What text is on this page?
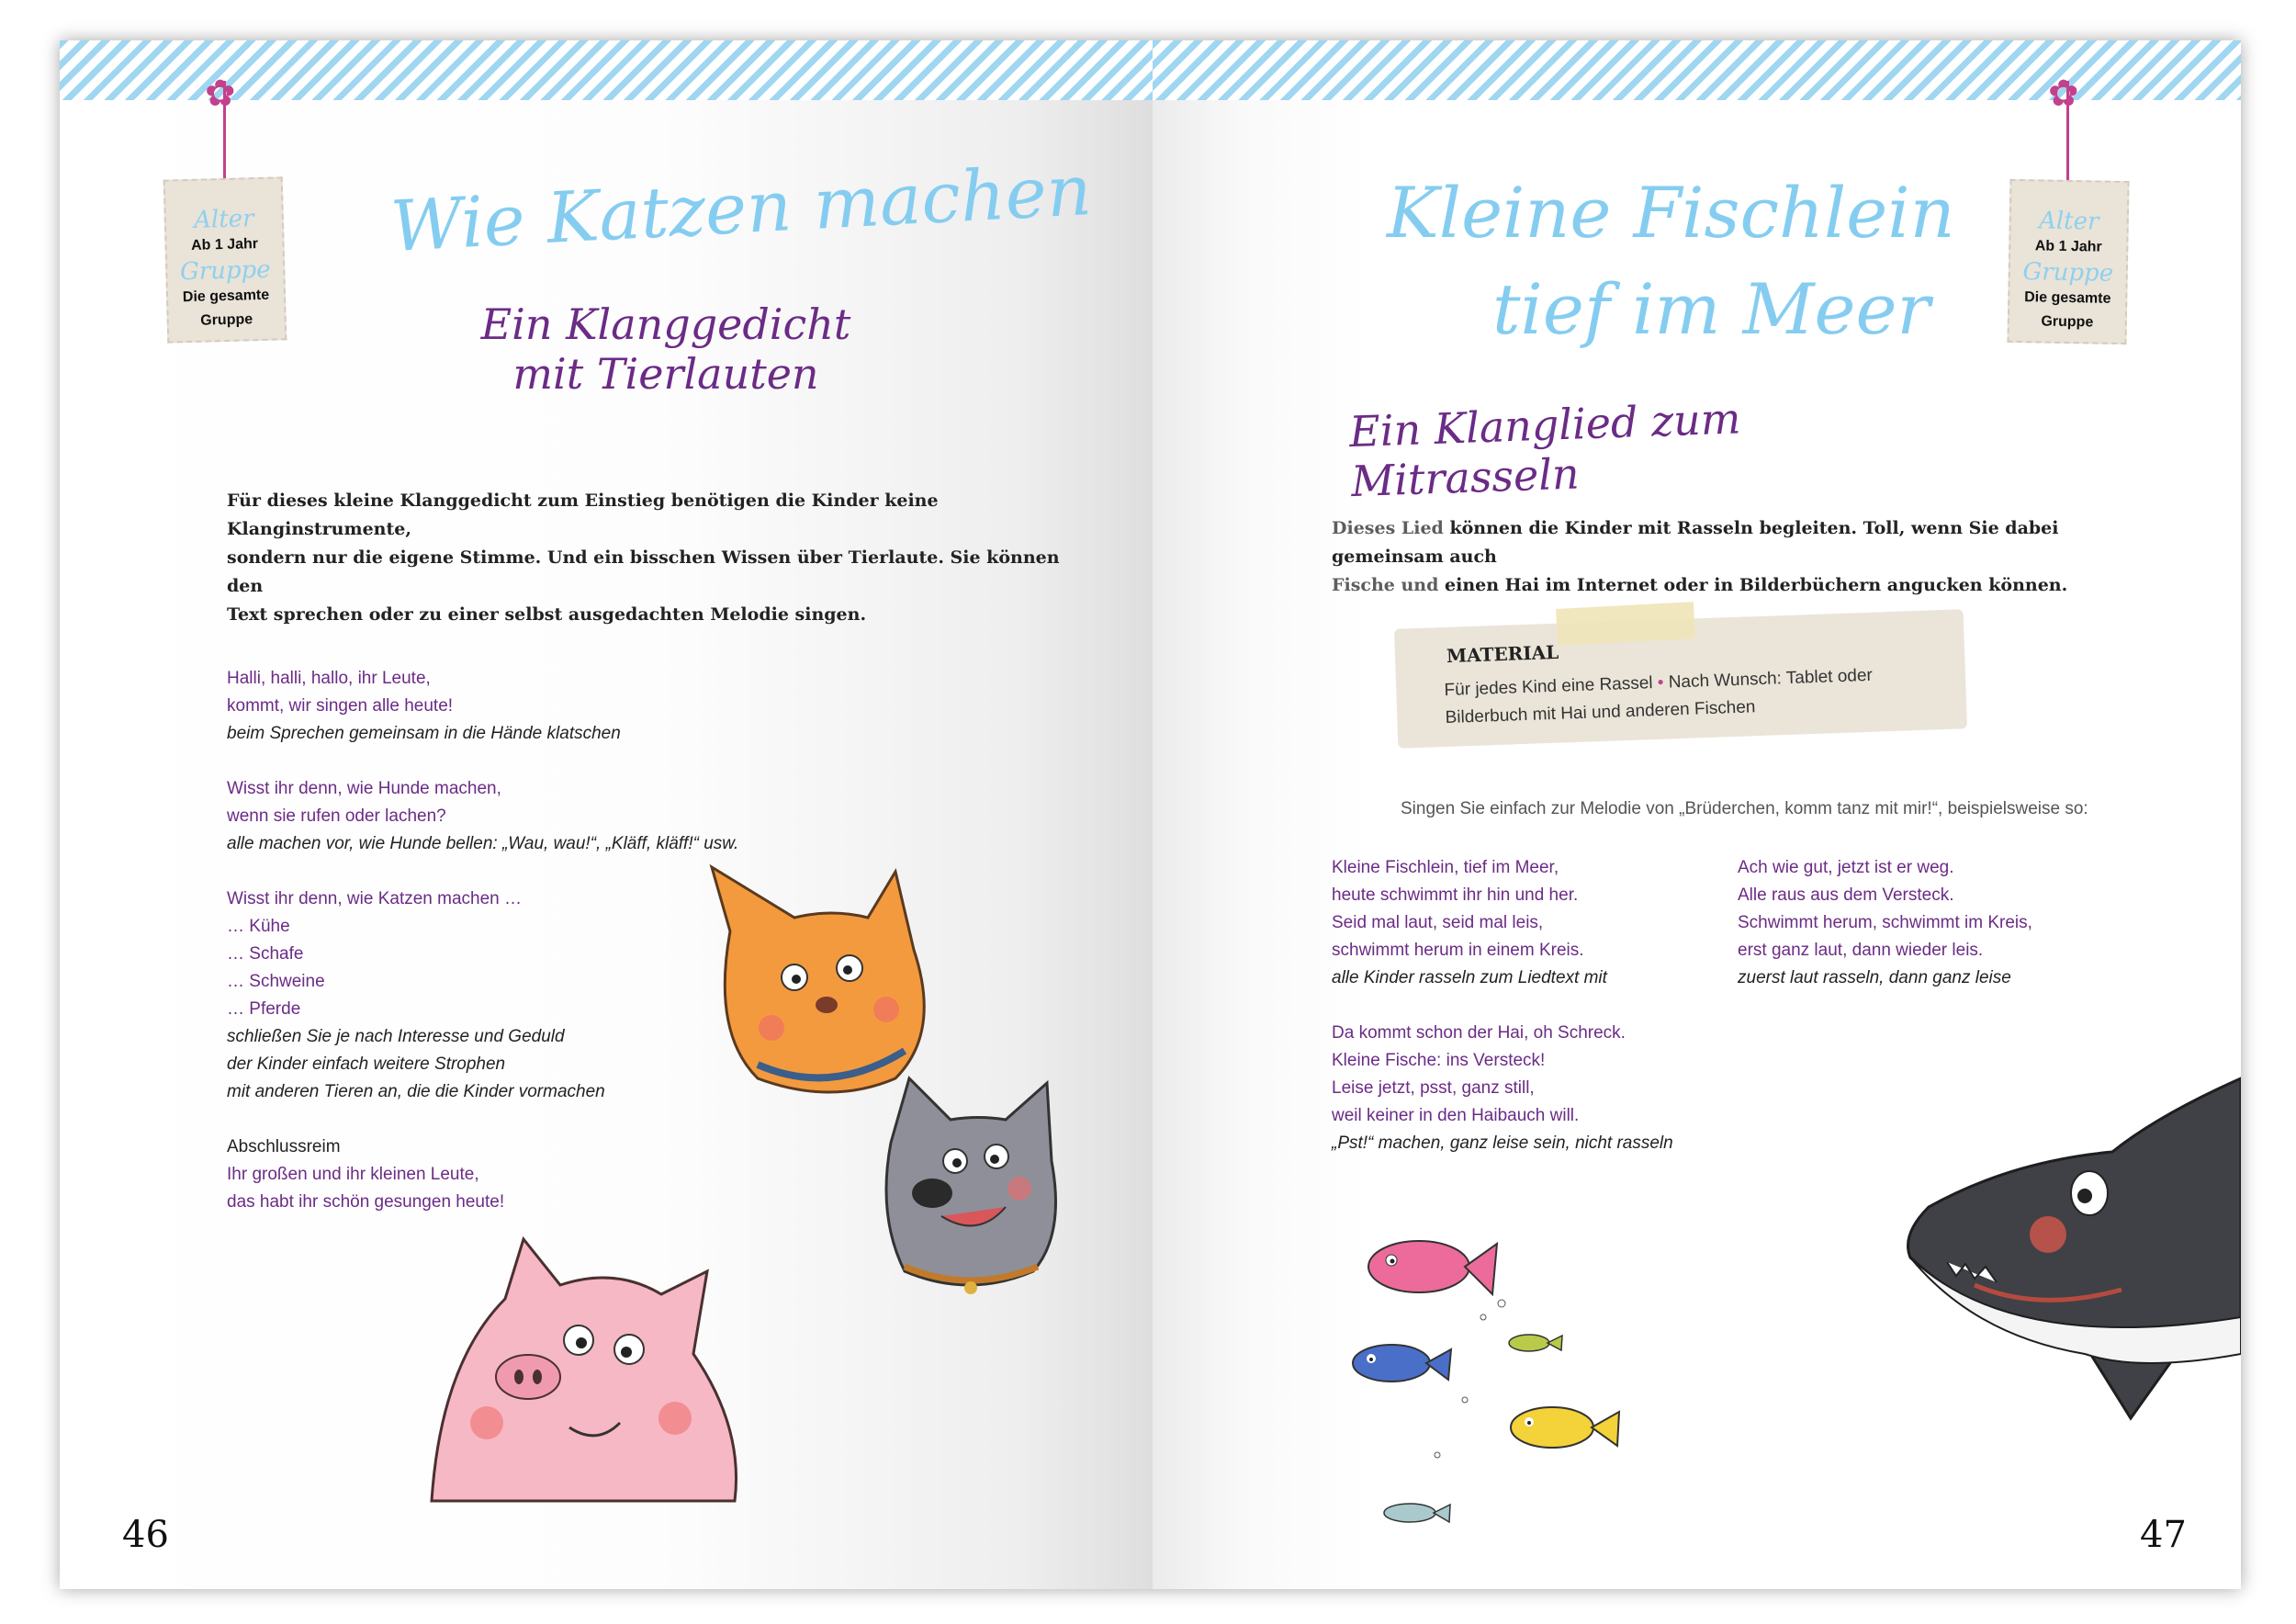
✿
Alter
Ab 1 Jahr
Gruppe
Die gesamte Gruppe
Wie Katzen machen
Ein Klanggedicht mit Tierlauten
Für dieses kleine Klanggedicht zum Einstieg benötigen die Kinder keine Klanginstrumente,
sondern nur die eigene Stimme. Und ein bisschen Wissen über Tierlaute. Sie können den
Text sprechen oder zu einer selbst ausgedachten Melodie singen.
Halli, halli, hallo, ihr Leute,
kommt, wir singen alle heute!
beim Sprechen gemeinsam in die Hände klatschen
Wisst ihr denn, wie Hunde machen,
wenn sie rufen oder lachen?
alle machen vor, wie Hunde bellen: „Wau, wau!“, „Kläff, kläff!“ usw.
Wisst ihr denn, wie Katzen machen …
… Kühe
… Schafe
… Schweine
… Pferde
schließen Sie je nach Interesse und Geduld
der Kinder einfach weitere Strophen
mit anderen Tieren an, die die Kinder vormachen
Abschlussreim
Ihr großen und ihr kleinen Leute,
das habt ihr schön gesungen heute!
46
✿
Alter
Ab 1 Jahr
Gruppe
Die gesamte Gruppe
Kleine Fischlein
tief im Meer
Ein Klanglied zum Mitrasseln
Dieses Lied können die Kinder mit Rasseln begleiten. Toll, wenn Sie dabei gemeinsam auch
Fische und einen Hai im Internet oder in Bilderbüchern angucken können.
MATERIAL
Für jedes Kind eine Rassel • Nach Wunsch: Tablet oder Bilderbuch mit Hai und anderen Fischen
Singen Sie einfach zur Melodie von „Brüderchen, komm tanz mit mir!“, beispielsweise so:
Kleine Fischlein, tief im Meer,
heute schwimmt ihr hin und her.
Seid mal laut, seid mal leis,
schwimmt herum in einem Kreis.
alle Kinder rasseln zum Liedtext mit
Da kommt schon der Hai, oh Schreck.
Kleine Fische: ins Versteck!
Leise jetzt, psst, ganz still,
weil keiner in den Haibauch will.
„Pst!“ machen, ganz leise sein, nicht rasseln
Ach wie gut, jetzt ist er weg.
Alle raus aus dem Versteck.
Schwimmt herum, schwimmt im Kreis,
erst ganz laut, dann wieder leis.
zuerst laut rasseln, dann ganz leise
47
